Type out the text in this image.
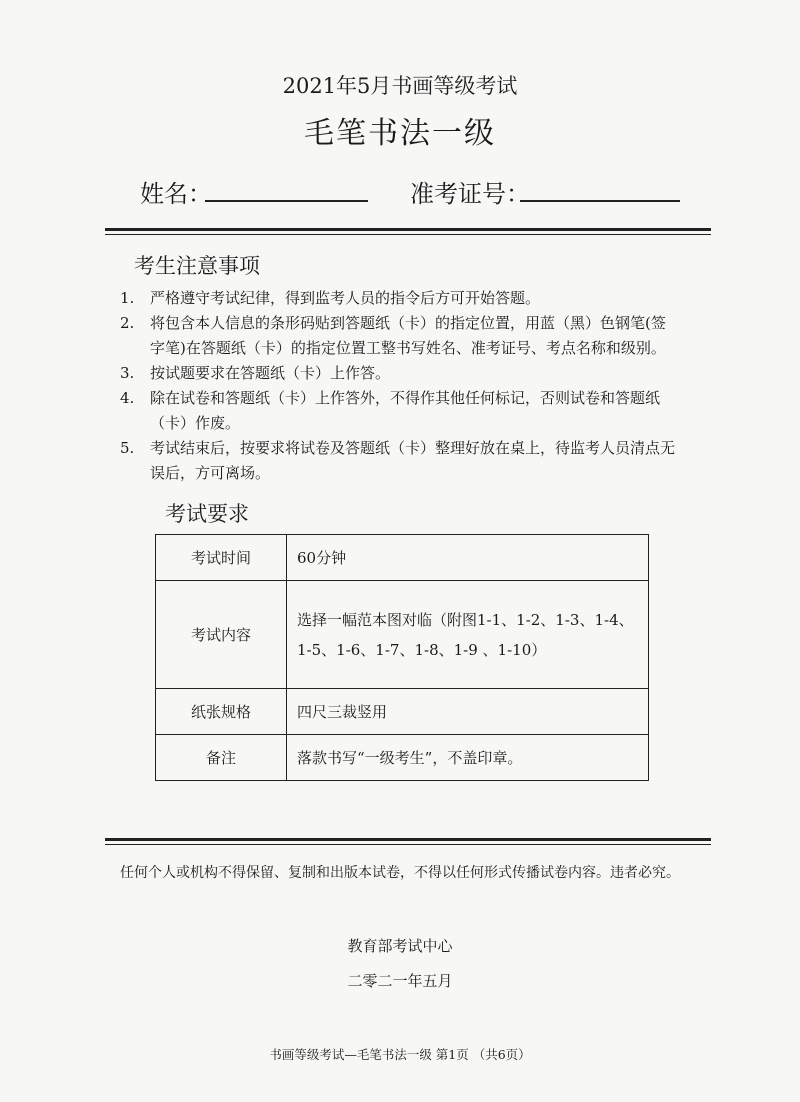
2021年5月书画等级考试
毛笔书法一级
姓名：	准考证号：
考生注意事项
1.	严格遵守考试纪律，得到监考人员的指令后方可开始答题。
2.	将包含本人信息的条形码贴到答题纸（卡）的指定位置，用蓝（黑）色钢笔(签字笔)在答题纸（卡）的指定位置工整书写姓名、准考证号、考点名称和级别。
3.	按试题要求在答题纸（卡）上作答。
4.	除在试卷和答题纸（卡）上作答外，不得作其他任何标记，否则试卷和答题纸（卡）作废。
5.	考试结束后，按要求将试卷及答题纸（卡）整理好放在桌上，待监考人员清点无误后，方可离场。
考试要求
考试时间	60分钟
考试内容	选择一幅范本图对临（附图1-1、1-2、1-3、1-4、1-5、1-6、1-7、1-8、1-9 、1-10）
纸张规格	四尺三裁竖用
备注	落款书写“一级考生”，不盖印章。
任何个人或机构不得保留、复制和出版本试卷，不得以任何形式传播试卷内容。违者必究。
教育部考试中心
二零二一年五月
书画等级考试—毛笔书法一级 第1页 （共6页）
